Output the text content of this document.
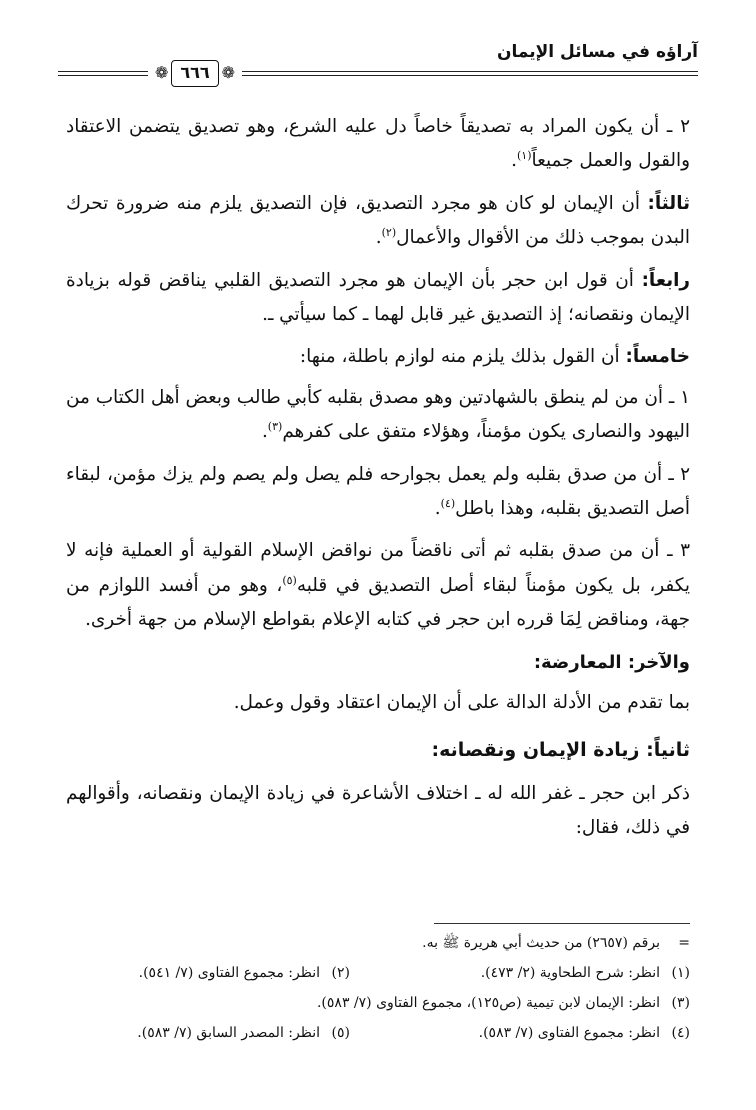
آراؤه في مسائل الإيمان
❁ ٦٦٦ ❁

٢ ـ أن يكون المراد به تصديقاً خاصاً دل عليه الشرع، وهو تصديق يتضمن الاعتقاد والقول والعمل جميعاً$^{(١)}$.

ثالثاً: أن الإيمان لو كان هو مجرد التصديق، فإن التصديق يلزم منه ضرورة تحرك البدن بموجب ذلك من الأقوال والأعمال$^{(٢)}$.

رابعاً: أن قول ابن حجر بأن الإيمان هو مجرد التصديق القلبي يناقض قوله بزيادة الإيمان ونقصانه؛ إذ التصديق غير قابل لهما ـ كما سيأتي ـ.

خامساً: أن القول بذلك يلزم منه لوازم باطلة، منها:

١ ـ أن من لم ينطق بالشهادتين وهو مصدق بقلبه كأبي طالب وبعض أهل الكتاب من اليهود والنصارى يكون مؤمناً، وهؤلاء متفق على كفرهم$^{(٣)}$.

٢ ـ أن من صدق بقلبه ولم يعمل بجوارحه فلم يصل ولم يصم ولم يزك مؤمن، لبقاء أصل التصديق بقلبه، وهذا باطل$^{(٤)}$.

٣ ـ أن من صدق بقلبه ثم أتى ناقضاً من نواقض الإسلام القولية أو العملية فإنه لا يكفر، بل يكون مؤمناً لبقاء أصل التصديق في قلبه$^{(٥)}$، وهو من أفسد اللوازم من جهة، ومناقض لِمَا قرره ابن حجر في كتابه الإعلام بقواطع الإسلام من جهة أخرى.

والآخر: المعارضة:

بما تقدم من الأدلة الدالة على أن الإيمان اعتقاد وقول وعمل.

ثانياً: زيادة الإيمان ونقصانه:

ذكر ابن حجر ـ غفر الله له ـ اختلاف الأشاعرة في زيادة الإيمان ونقصانه، وأقوالهم في ذلك، فقال:

=
برقم (٢٦٥٧) من حديث أبي هريرة ﷺ به.
(١)
انظر: شرح الطحاوية (٢/ ٤٧٣).
(٢)
انظر: مجموع الفتاوى (٧/ ٥٤١).
(٣)
انظر: الإيمان لابن تيمية (ص١٢٥)، مجموع الفتاوى (٧/ ٥٨٣).
(٤)
انظر: مجموع الفتاوى (٧/ ٥٨٣).
(٥)
انظر: المصدر السابق (٧/ ٥٨٣).
